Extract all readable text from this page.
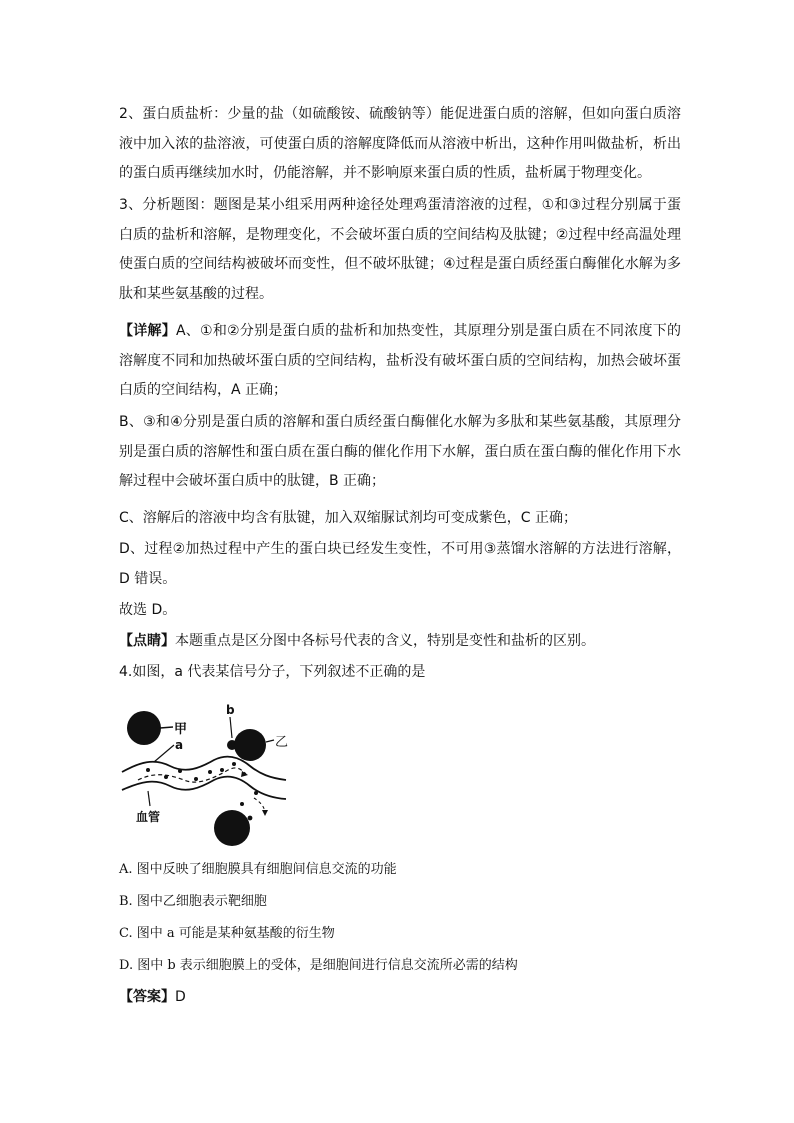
2、蛋白质盐析：少量的盐（如硫酸铵、硫酸钠等）能促进蛋白质的溶解，但如向蛋白质溶液中加入浓的盐溶液，可使蛋白质的溶解度降低而从溶液中析出，这种作用叫做盐析，析出的蛋白质再继续加水时，仍能溶解，并不影响原来蛋白质的性质，盐析属于物理变化。

3、分析题图：题图是某小组采用两种途径处理鸡蛋清溶液的过程，①和③过程分别属于蛋白质的盐析和溶解，是物理变化，不会破坏蛋白质的空间结构及肽键；②过程中经高温处理使蛋白质的空间结构被破坏而变性，但不破坏肽键；④过程是蛋白质经蛋白酶催化水解为多肽和某些氨基酸的过程。

【详解】A、①和②分别是蛋白质的盐析和加热变性，其原理分别是蛋白质在不同浓度下的溶解度不同和加热破坏蛋白质的空间结构，盐析没有破坏蛋白质的空间结构，加热会破坏蛋白质的空间结构，A 正确；

B、③和④分别是蛋白质的溶解和蛋白质经蛋白酶催化水解为多肽和某些氨基酸，其原理分别是蛋白质的溶解性和蛋白质在蛋白酶的催化作用下水解，蛋白质在蛋白酶的催化作用下水解过程中会破坏蛋白质中的肽键，B 正确；

C、溶解后的溶液中均含有肽键，加入双缩脲试剂均可变成紫色，C 正确；

D、过程②加热过程中产生的蛋白块已经发生变性，不可用③蒸馏水溶解的方法进行溶解，D 错误。

故选 D。

【点睛】本题重点是区分图中各标号代表的含义，特别是变性和盐析的区别。

4.如图，a 代表某信号分子，下列叙述不正确的是

甲
a
b
乙
血管
A. 图中反映了细胞膜具有细胞间信息交流的功能
B. 图中乙细胞表示靶细胞
C. 图中 a 可能是某种氨基酸的衍生物
D. 图中 b 表示细胞膜上的受体，是细胞间进行信息交流所必需的结构
【答案】D
